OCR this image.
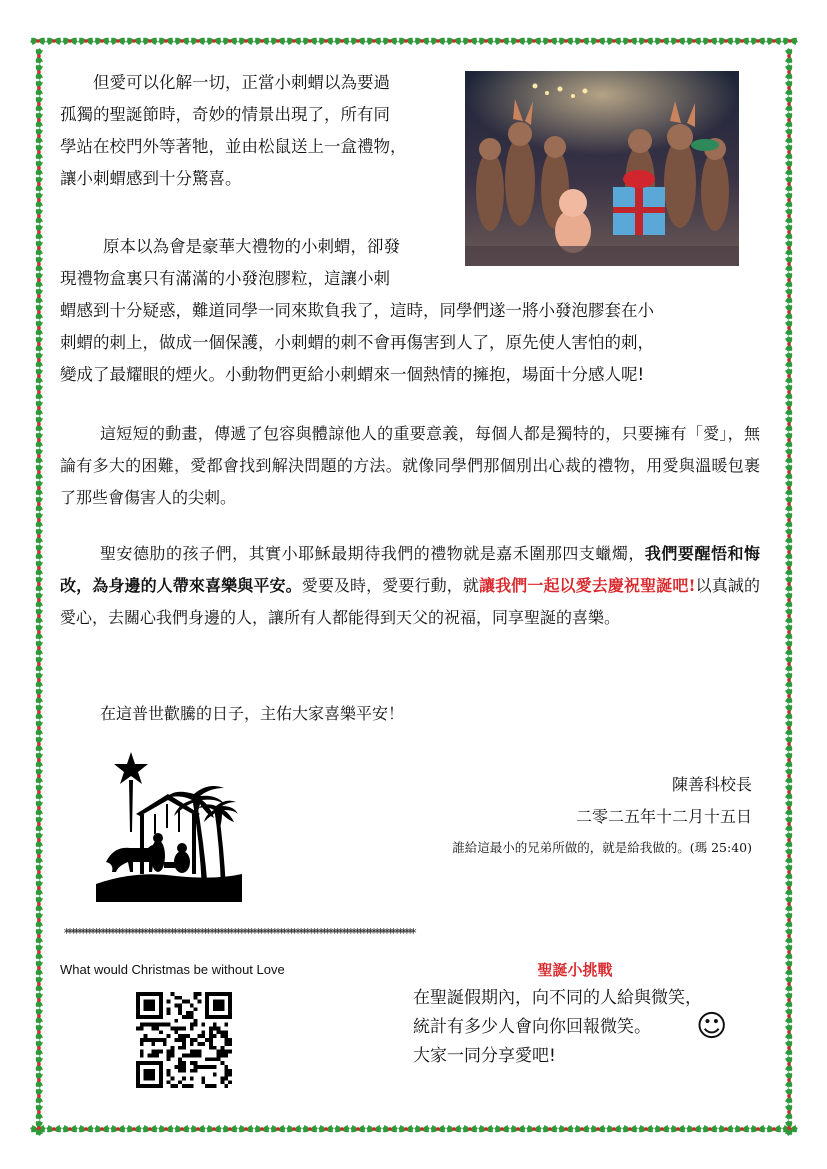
但愛可以化解一切，正當小刺蝟以為要過
孤獨的聖誕節時，奇妙的情景出現了，所有同
學站在校門外等著牠，並由松鼠送上一盒禮物，
讓小刺蝟感到十分驚喜。
原本以為會是豪華大禮物的小刺蝟，卻發
現禮物盒裏只有滿滿的小發泡膠粒，這讓小刺
蝟感到十分疑惑，難道同學一同來欺負我了，這時，同學們遂一將小發泡膠套在小
刺蝟的刺上，做成一個保護，小刺蝟的刺不會再傷害到人了，原先使人害怕的刺，
變成了最耀眼的煙火。小動物們更給小刺蝟來一個熱情的擁抱，場面十分感人呢!

這短短的動畫，傳遞了包容與體諒他人的重要意義，每個人都是獨特的，只要擁有「愛」，無論有多大的困難，愛都會找到解決問題的方法。就像同學們那個別出心裁的禮物，用愛與溫暖包裹了那些會傷害人的尖刺。

聖安德肋的孩子們，其實小耶穌最期待我們的禮物就是嘉禾圍那四支蠟燭，我們要醒悟和悔改，為身邊的人帶來喜樂與平安。愛要及時，愛要行動，就讓我們一起以愛去慶祝聖誕吧!以真誠的愛心，去關心我們身邊的人，讓所有人都能得到天父的祝福，同享聖誕的喜樂。

在這普世歡騰的日子，主佑大家喜樂平安！

陳善科校長
二零二五年十二月十五日
誰給這最小的兄弟所做的，就是給我做的。(瑪 25:40)
**********************************************************************************************************
What would Christmas be without Love	聖誕小挑戰
在聖誕假期內，向不同的人給與微笑，
統計有多少人會向你回報微笑。
大家一同分享愛吧!
☺
